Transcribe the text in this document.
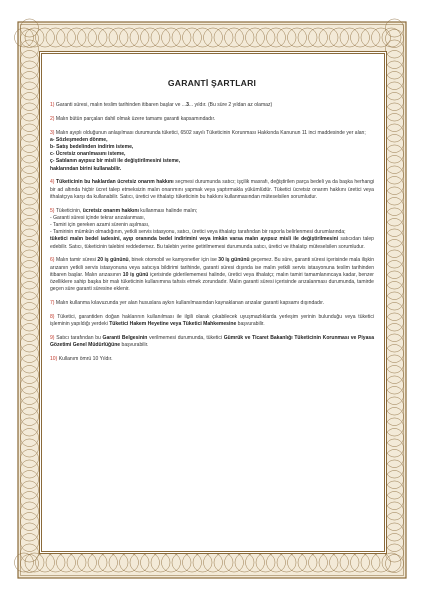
GARANTİ ŞARTLARI
1) Garanti süresi, malın teslim tarihinden itibaren başlar ve ...3... yıldır. (Bu süre 2 yıldan az olamaz)
2) Malın bütün parçaları dahil olmak üzere tamamı garanti kapsamındadır.
3) Malın ayıplı olduğunun anlaşılması durumunda tüketici, 6502 sayılı Tüketicinin Korunması Hakkında Kanunun 11 inci maddesinde yer alan;
a- Sözleşmeden dönme,
b- Satış bedelinden indirim isteme,
c- Ücretsiz onarılmasını isteme,
ç- Satılanın ayıpsız bir misli ile değiştirilmesini isteme,
haklarından birini kullanabilir.
4) Tüketicinin bu haklardan ücretsiz onarım hakkını seçmesi durumunda satıcı; işçilik masrafı, değiştirilen parça bedeli ya da başka herhangi bir ad altında hiçbir ücret talep etmeksizin malın onarımını yapmak veya yaptırmakla yükümlüdür. Tüketici ücretsiz onarım hakkını üretici veya ithalatçıya karşı da kullanabilir. Satıcı, üretici ve ithalatçı tüketicinin bu hakkını kullanmasından müteselsilen sorumludur.
5) Tüketicinin, ücretsiz onarım hakkını kullanması halinde malın;
- Garanti süresi içinde tekrar arızalanması,
- Tamiri için gereken azami sürenin aşılması,
- Tamirinin mümkün olmadığının, yetkili servis istasyonu, satıcı, üretici veya ithalatçı tarafından bir raporla belirlenmesi durumlarında;
tüketici malın bedel iadesini, ayıp oranında bedel indirimini veya imkân varsa malın ayıpsız misli ile değiştirilmesini satıcıdan talep edebilir. Satıcı, tüketicinin talebini reddedemez. Bu talebin yerine getirilmemesi durumunda satıcı, üretici ve ithalatçı müteselsilen sorumludur.
6) Malın tamir süresi 20 iş gününü, binek otomobil ve kamyonetler için ise 30 iş gününü geçemez. Bu süre, garanti süresi içerisinde mala ilişkin arızanın yetkili servis istasyonuna veya satıcıya bildirimi tarihinde, garanti süresi dışında ise malın yetkili servis istasyonuna teslim tarihinden itibaren başlar. Malın arızasının 10 iş günü içerisinde giderilememesi halinde, üretici veya ithalatçı; malın tamiri tamamlanıncaya kadar, benzer özelliklere sahip başka bir malı tüketicinin kullanımına tahsis etmek zorundadır. Malın garanti süresi içerisinde arızalanması durumunda, tamirde geçen süre garanti süresine eklenir.
7) Malın kullanma kılavuzunda yer alan hususlara aykırı kullanılmasından kaynaklanan arızalar garanti kapsamı dışındadır.
8) Tüketici, garantiden doğan haklarının kullanılması ile ilgili olarak çıkabilecek uyuşmazlıklarda yerleşim yerinin bulunduğu veya tüketici işleminin yapıldığı yerdeki Tüketici Hakem Heyetine veya Tüketici Mahkemesine başvurabilir.
9) Satıcı tarafından bu Garanti Belgesinin verilmemesi durumunda, tüketici Gümrük ve Ticaret Bakanlığı Tüketicinin Korunması ve Piyasa Gözetimi Genel Müdürlüğüne başvurabilir.
10) Kullanım ömrü 10 Yıldır.
